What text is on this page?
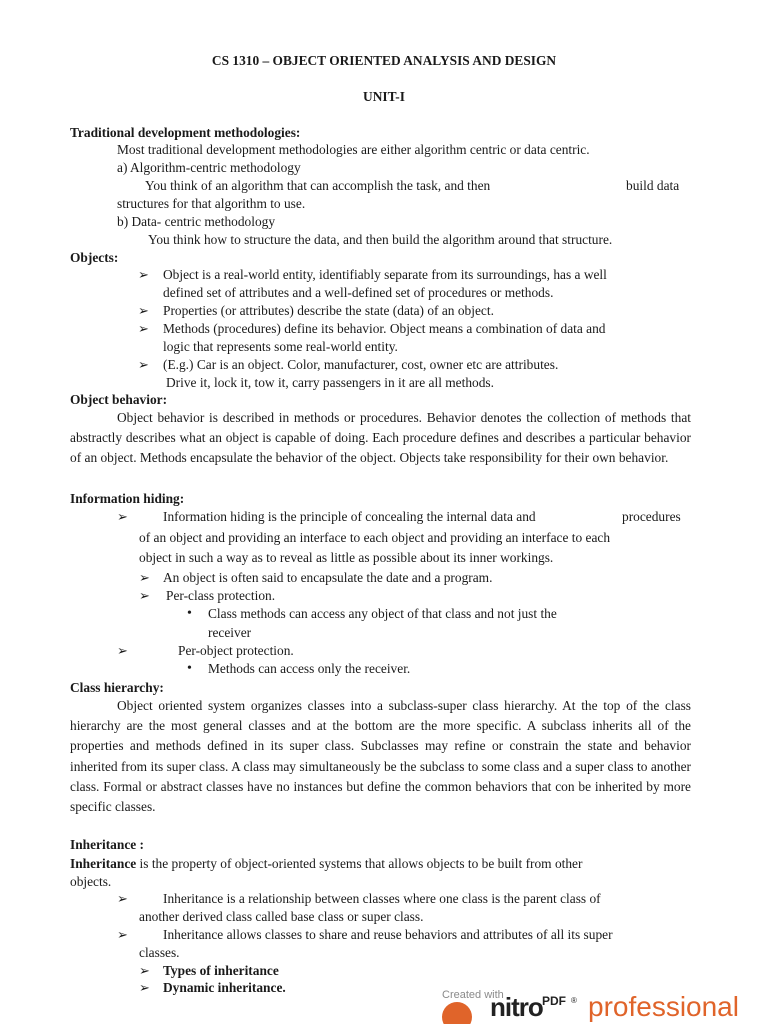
CS 1310 – OBJECT ORIENTED ANALYSIS AND DESIGN
UNIT-I
Traditional development methodologies:
Most traditional development methodologies are either algorithm centric or data centric.
a) Algorithm-centric methodology
You think of an algorithm that can accomplish the task, and then	build data
structures for that algorithm to use.
b) Data- centric methodology
You think how to structure the data, and then build the algorithm around that structure.
Objects:
➢ Object is a real-world entity, identifiably separate from its surroundings, has a well
defined set of attributes and a well-defined set of procedures or methods.
➢ Properties (or attributes) describe the state (data) of an object.
➢ Methods (procedures) define its behavior. Object means a combination of data and
logic that represents some real-world entity.
➢ (E.g.) Car is an object. Color, manufacturer, cost, owner etc are attributes.
Drive it, lock it, tow it, carry passengers in it are all methods.
Object behavior:
Object behavior is described in methods or procedures. Behavior denotes the collection of methods that abstractly describes what an object is capable of doing. Each procedure defines and describes a particular behavior of an object. Methods encapsulate the behavior of the object. Objects take responsibility for their own behavior.
Information hiding:
➢	Information hiding is the principle of concealing the internal data and	procedures
of an object and providing an interface to each object and providing an interface to each
object in such a way as to reveal as little as possible about its inner workings.
➢ An object is often said to encapsulate the date and a program.
➢ Per-class protection.
• Class methods can access any object of that class and not just the
receiver
➢	Per-object protection.
• Methods can access only the receiver.
Class hierarchy:
Object oriented system organizes classes into a subclass-super class hierarchy. At the top of the class hierarchy are the most general classes and at the bottom are the more specific. A subclass inherits all of the properties and methods defined in its super class. Subclasses may refine or constrain the state and behavior inherited from its super class. A class may simultaneously be the subclass to some class and a super class to another class. Formal or abstract classes have no instances but define the common behaviors that con be inherited by more specific classes.
Inheritance :
Inheritance is the property of object-oriented systems that allows objects to be built from other
objects.
➢	Inheritance is a relationship between classes where one class is the parent class of
another derived class called base class or super class.
➢	Inheritance allows classes to share and reuse behaviors and attributes of all its super
classes.
➢ Types of inheritance
➢ Dynamic inheritance.	Created with
nitro PDF ® professional
